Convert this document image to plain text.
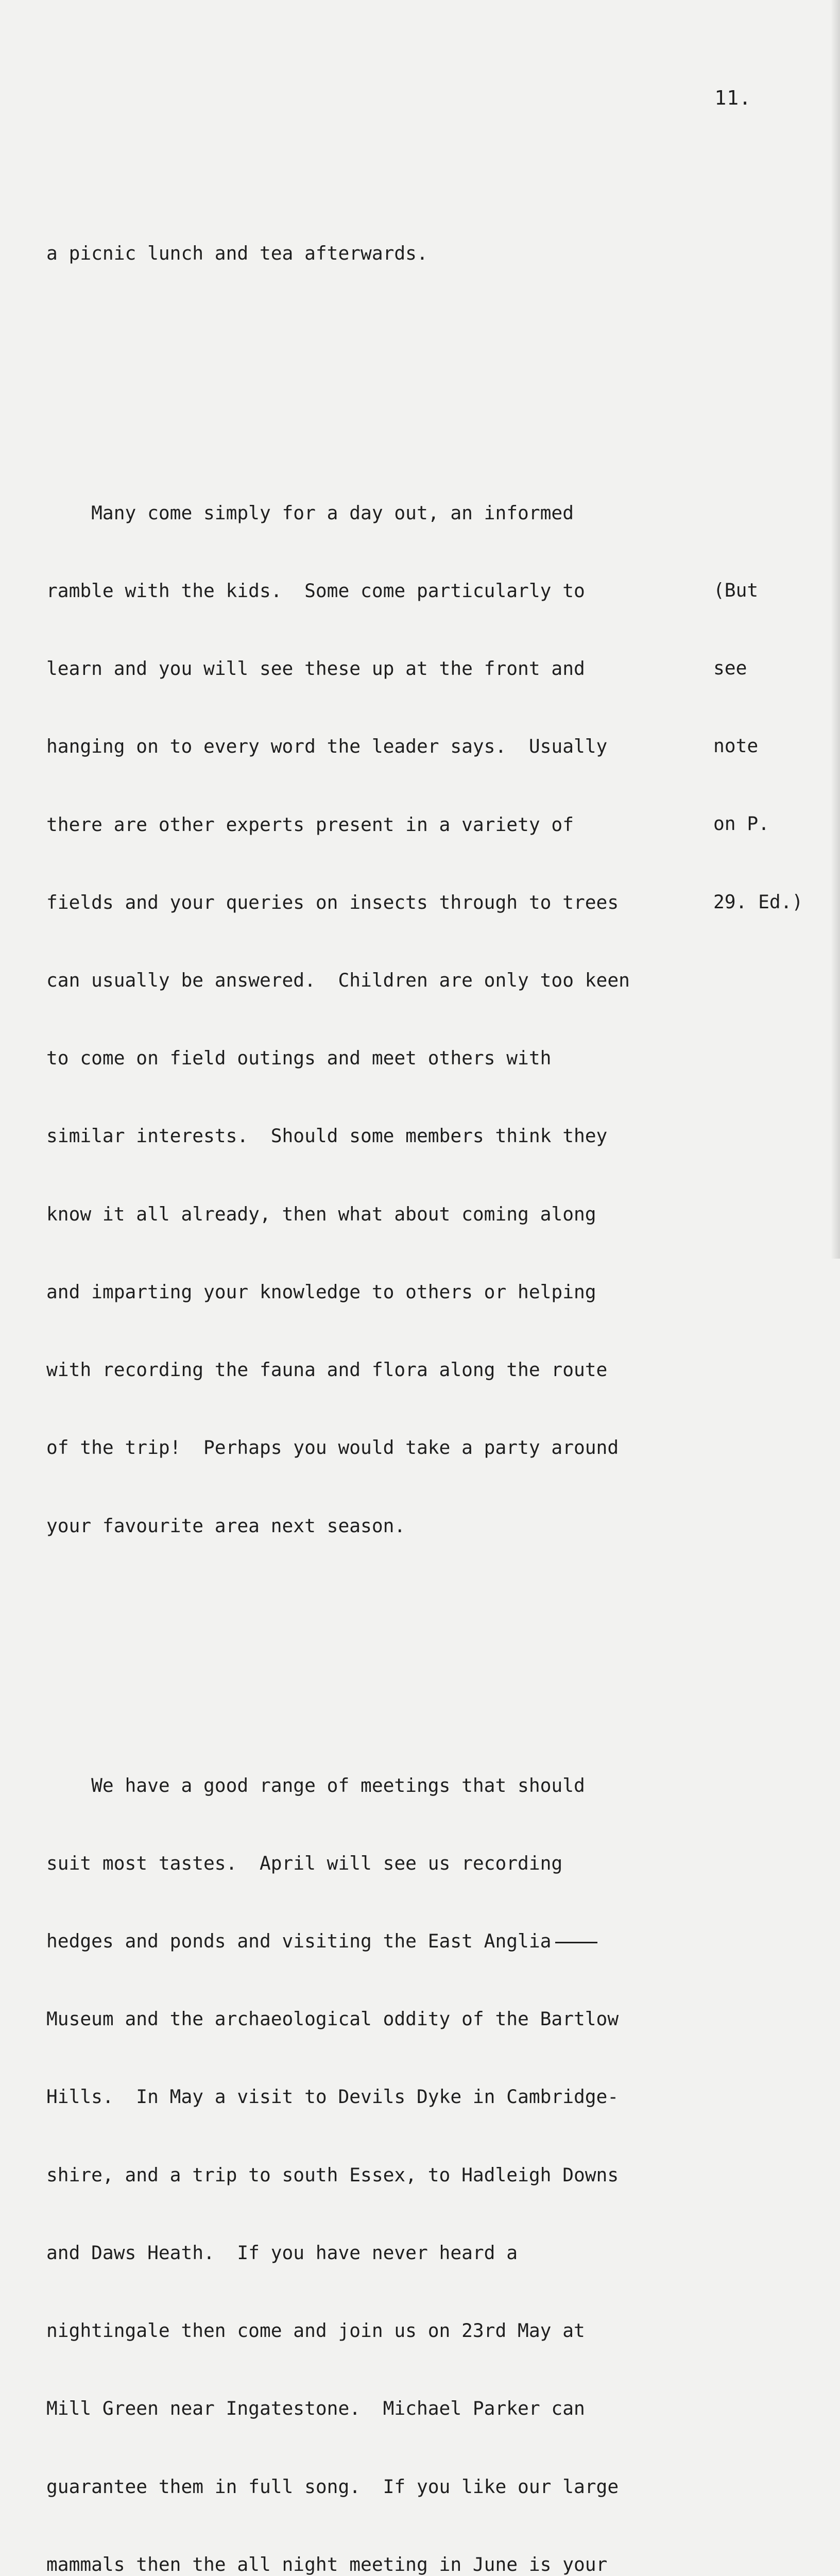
11.

a picnic lunch and tea afterwards.

Many come simply for a day out, an informed

ramble with the kids.  Some come particularly to

learn and you will see these up at the front and

hanging on to every word the leader says.  Usually

there are other experts present in a variety of

fields and your queries on insects through to trees

can usually be answered.  Children are only too keen

to come on field outings and meet others with

similar interests.  Should some members think they

know it all already, then what about coming along

and imparting your knowledge to others or helping

with recording the fauna and flora along the route

of the trip!  Perhaps you would take a party around

your favourite area next season.

We have a good range of meetings that should

suit most tastes.  April will see us recording

hedges and ponds and visiting the East Anglia

Museum and the archaeological oddity of the Bartlow

Hills.  In May a visit to Devils Dyke in Cambridge-

shire, and a trip to south Essex, to Hadleigh Downs

and Daws Heath.  If you have never heard a

nightingale then come and join us on 23rd May at

Mill Green near Ingatestone.  Michael Parker can

guarantee them in full song.  If you like our large

mammals then the all night meeting in June is your

(But

see

note

on P.

29. Ed.)
